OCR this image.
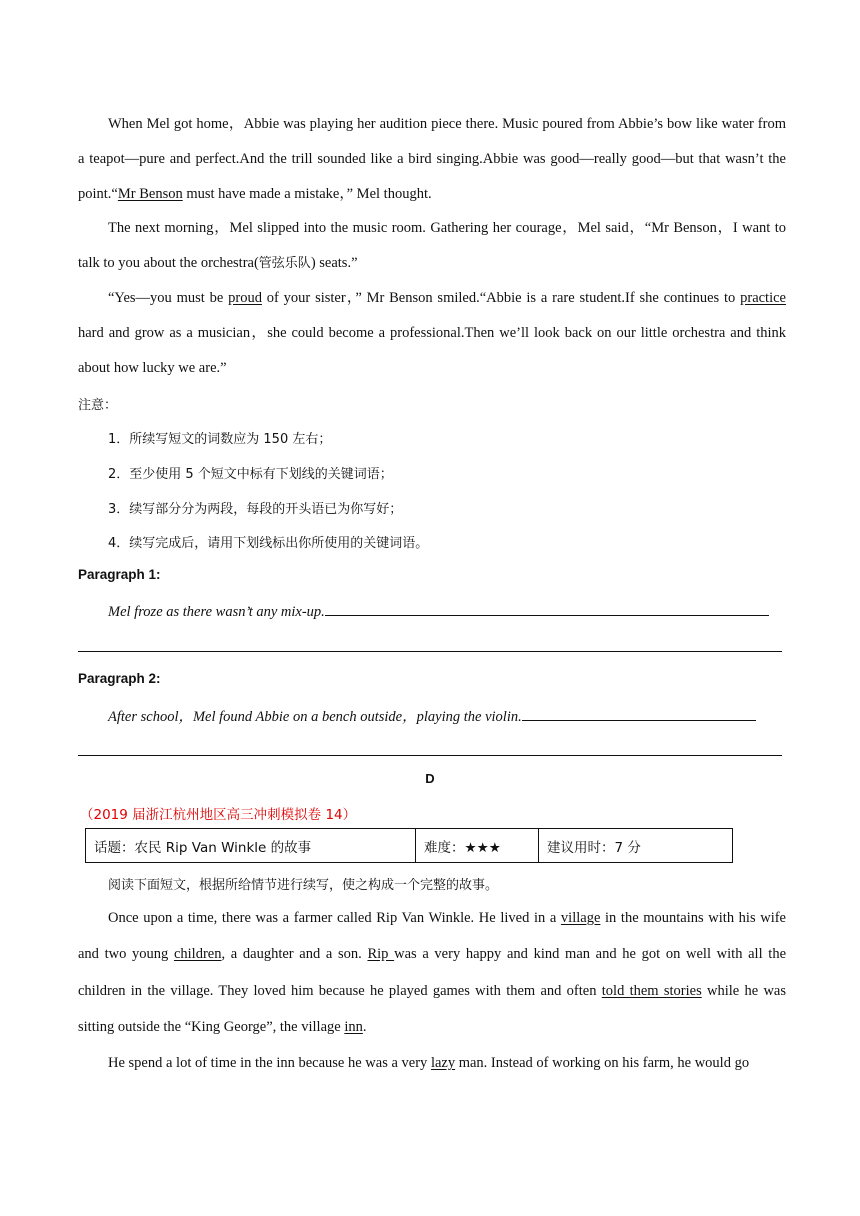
When Mel got home，Abbie was playing her audition piece there. Music poured from Abbie’s bow like water from a teapot—pure and perfect.And the trill sounded like a bird singing.Abbie was good—really good—but that wasn’t the point.“Mr Benson must have made a mistake，” Mel thought.
The next morning，Mel slipped into the music room. Gathering her courage，Mel said，“Mr Benson，I want to talk to you about the orchestra(管弦乐队) seats.”
“Yes—you must be proud of your sister，” Mr Benson smiled.“Abbie is a rare student.If she continues to practice hard and grow as a musician，she could become a professional.Then we’ll look back on our little orchestra and think about how lucky we are.”
注意：
1．所续写短文的词数应为 150 左右；
2．至少使用 5 个短文中标有下划线的关键词语；
3．续写部分分为两段，每段的开头语已为你写好；
4．续写完成后，请用下划线标出你所使用的关键词语。
Paragraph 1:
Mel froze as there wasn’t any mix-up.
Paragraph 2:
After school，Mel found Abbie on a bench outside，playing the violin.
D
（2019 届浙江杭州地区高三冲刺模拟卷 14）
话题：农民 Rip Van Winkle 的故事	难度：★★★	建议用时：7 分
阅读下面短文，根据所给情节进行续写，使之构成一个完整的故事。
Once upon a time, there was a farmer called Rip Van Winkle. He lived in a village in the mountains with his wife and two young children, a daughter and a son. Rip was a very happy and kind man and he got on well with all the children in the village. They loved him because he played games with them and often told them stories while he was sitting outside the “King George”, the village inn.
He spend a lot of time in the inn because he was a very lazy man. Instead of working on his farm, he would go
